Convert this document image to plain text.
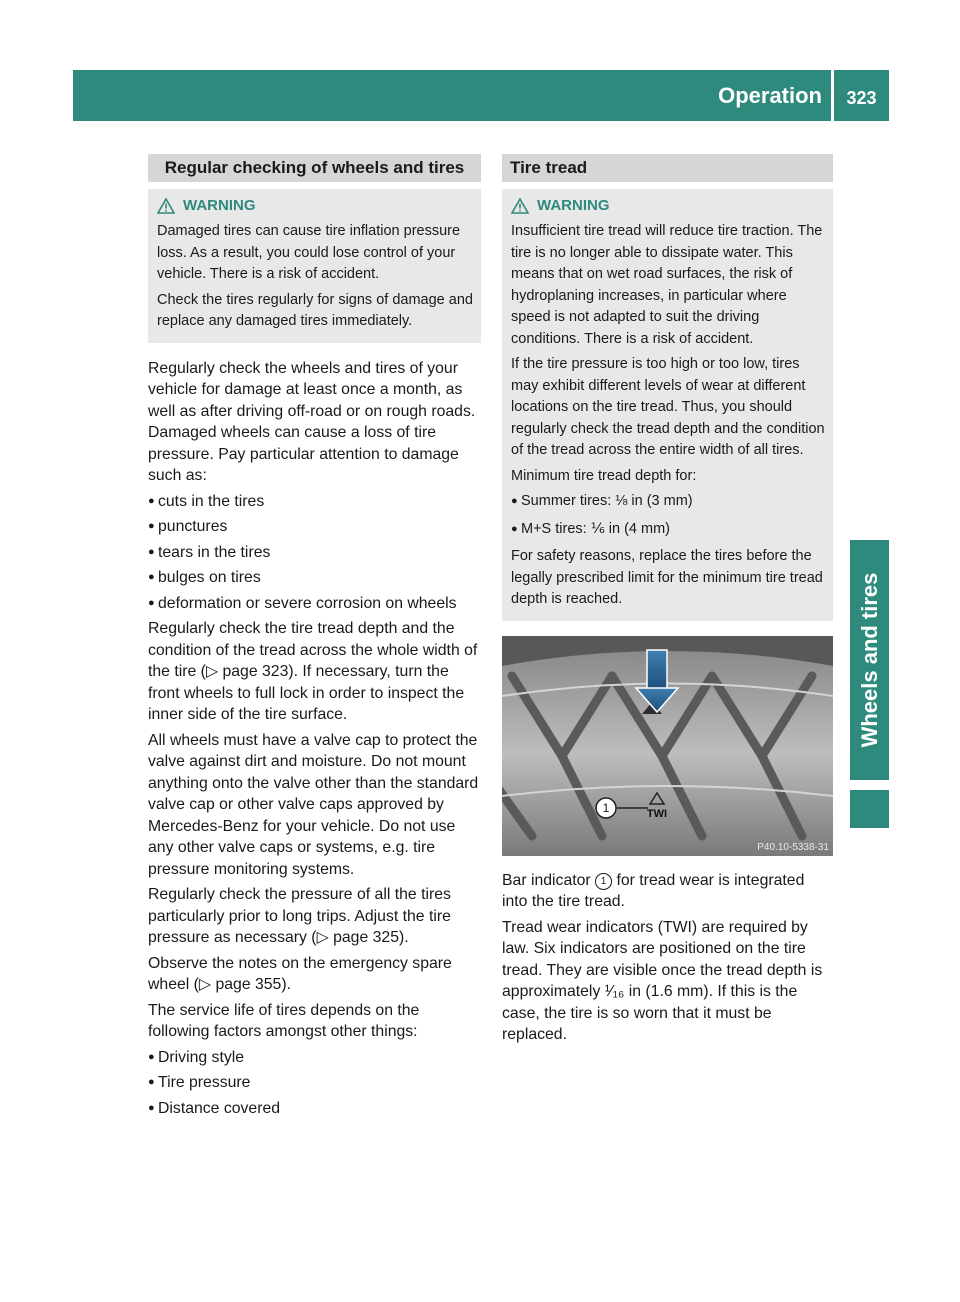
Operation	323
Wheels and tires
Regular checking of wheels and tires
WARNING

Damaged tires can cause tire inflation pressure loss. As a result, you could lose control of your vehicle. There is a risk of accident.

Check the tires regularly for signs of damage and replace any damaged tires immediately.

Regularly check the wheels and tires of your vehicle for damage at least once a month, as well as after driving off-road or on rough roads. Damaged wheels can cause a loss of tire pressure. Pay particular attention to damage such as:

● cuts in the tires
● punctures
● tears in the tires
● bulges on tires
● deformation or severe corrosion on wheels

Regularly check the tire tread depth and the condition of the tread across the whole width of the tire (▷ page 323). If necessary, turn the front wheels to full lock in order to inspect the inner side of the tire surface.

All wheels must have a valve cap to protect the valve against dirt and moisture. Do not mount anything onto the valve other than the standard valve cap or other valve caps approved by Mercedes-Benz for your vehicle. Do not use any other valve caps or systems, e.g. tire pressure monitoring systems.

Regularly check the pressure of all the tires particularly prior to long trips. Adjust the tire pressure as necessary (▷ page 325).

Observe the notes on the emergency spare wheel (▷ page 355).

The service life of tires depends on the following factors amongst other things:

● Driving style
● Tire pressure
● Distance covered
Tire tread
WARNING

Insufficient tire tread will reduce tire traction. The tire is no longer able to dissipate water. This means that on wet road surfaces, the risk of hydroplaning increases, in particular where speed is not adapted to suit the driving conditions. There is a risk of accident.

If the tire pressure is too high or too low, tires may exhibit different levels of wear at different locations on the tire tread. Thus, you should regularly check the tread depth and the condition of the tread across the entire width of all tires.

Minimum tire tread depth for:

● Summer tires: ⅛ in (3 mm)
● M+S tires: ⅙ in (4 mm)

For safety reasons, replace the tires before the legally prescribed limit for the minimum tire tread depth is reached.

1	TWI
P40.10-5338-31

Bar indicator 1 for tread wear is integrated into the tire tread.

Tread wear indicators (TWI) are required by law. Six indicators are positioned on the tire tread. They are visible once the tread depth is approximately ¹⁄₁₆ in (1.6 mm). If this is the case, the tire is so worn that it must be replaced.
